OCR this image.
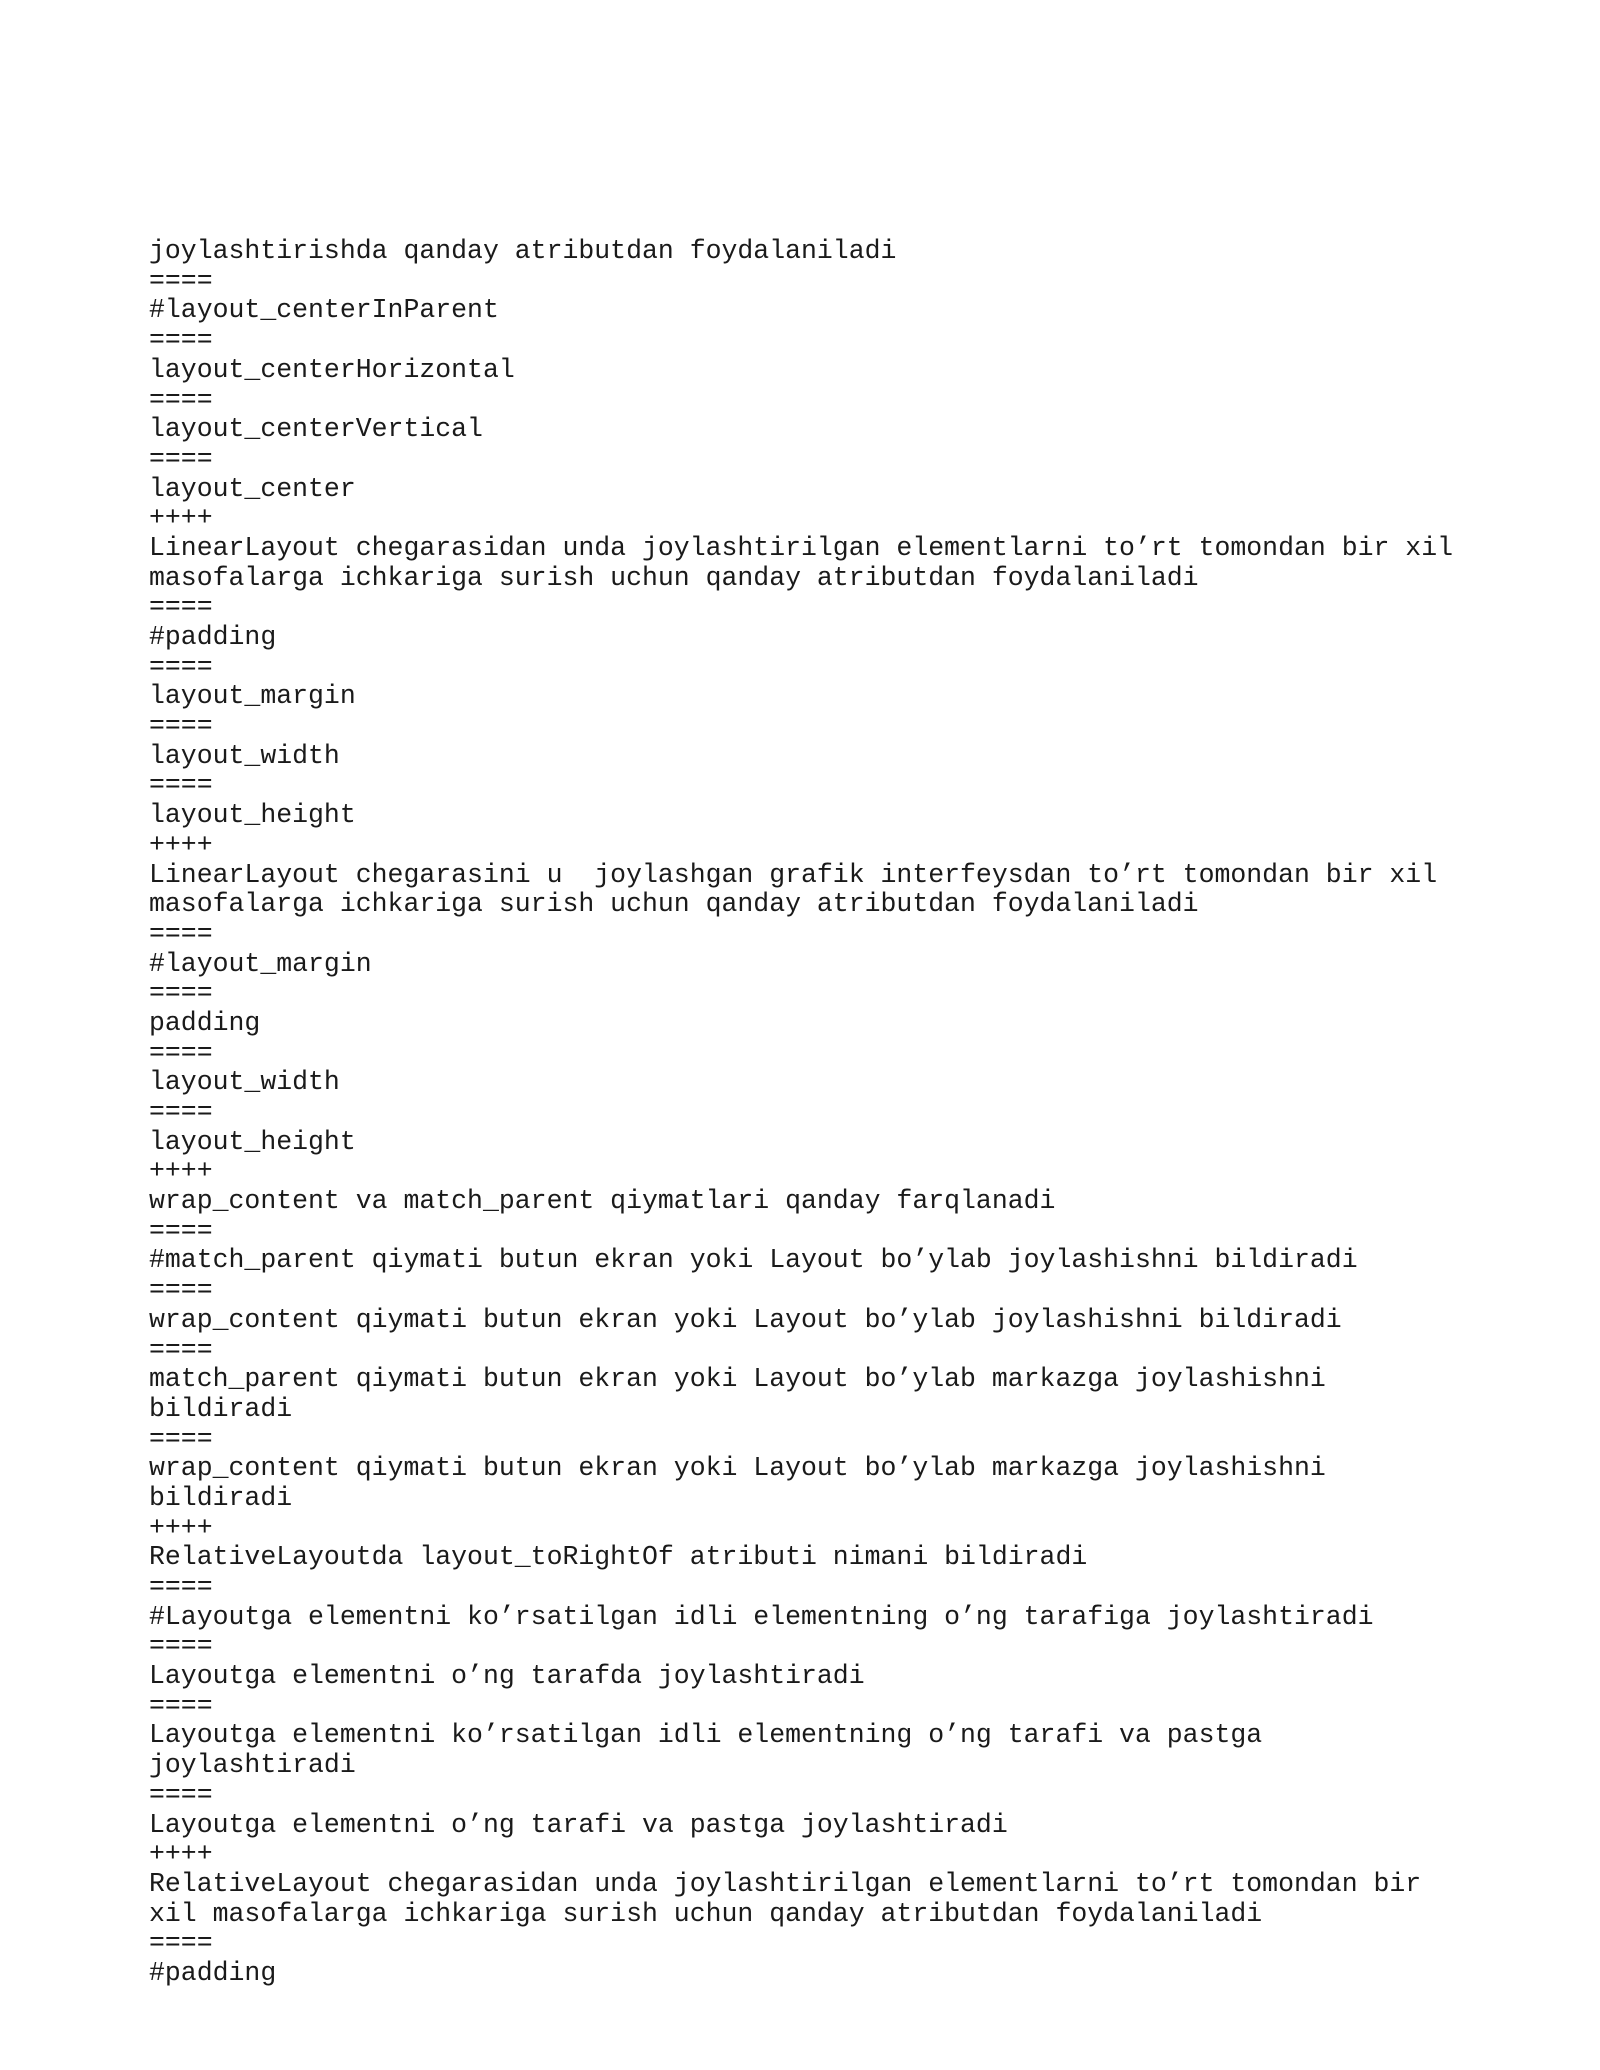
joylashtirishda qanday atributdan foydalaniladi
====
#layout_centerInParent
====
layout_centerHorizontal
====
layout_centerVertical
====
layout_center
++++
LinearLayout chegarasidan unda joylashtirilgan elementlarni to’rt tomondan bir xil
masofalarga ichkariga surish uchun qanday atributdan foydalaniladi
====
#padding
====
layout_margin
====
layout_width
====
layout_height
++++
LinearLayout chegarasini u  joylashgan grafik interfeysdan to’rt tomondan bir xil
masofalarga ichkariga surish uchun qanday atributdan foydalaniladi
====
#layout_margin
====
padding
====
layout_width
====
layout_height
++++
wrap_content va match_parent qiymatlari qanday farqlanadi
====
#match_parent qiymati butun ekran yoki Layout bo’ylab joylashishni bildiradi
====
wrap_content qiymati butun ekran yoki Layout bo’ylab joylashishni bildiradi
====
match_parent qiymati butun ekran yoki Layout bo’ylab markazga joylashishni
bildiradi
====
wrap_content qiymati butun ekran yoki Layout bo’ylab markazga joylashishni
bildiradi
++++
RelativeLayoutda layout_toRightOf atributi nimani bildiradi
====
#Layoutga elementni ko’rsatilgan idli elementning o’ng tarafiga joylashtiradi
====
Layoutga elementni o’ng tarafda joylashtiradi
====
Layoutga elementni ko’rsatilgan idli elementning o’ng tarafi va pastga
joylashtiradi
====
Layoutga elementni o’ng tarafi va pastga joylashtiradi
++++
RelativeLayout chegarasidan unda joylashtirilgan elementlarni to’rt tomondan bir
xil masofalarga ichkariga surish uchun qanday atributdan foydalaniladi
====
#padding
